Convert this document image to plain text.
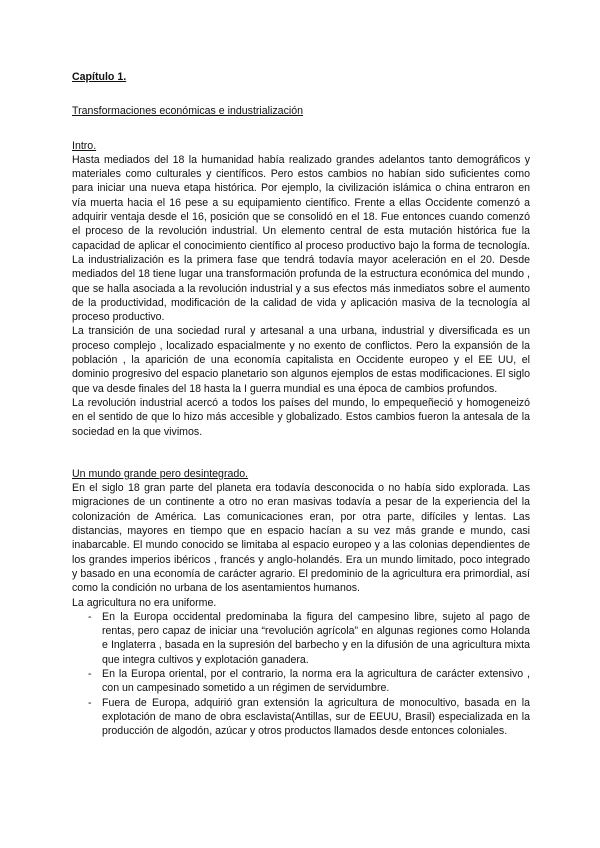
Capítulo 1.
Transformaciones económicas e industrialización
Intro.

Hasta mediados del 18 la humanidad había realizado grandes adelantos tanto demográficos y materiales como culturales y científicos. Pero estos cambios no habían sido suficientes como para iniciar una nueva etapa histórica. Por ejemplo, la civilización islámica o china entraron en vía muerta hacia el 16 pese a su equipamiento científico. Frente a ellas Occidente comenzó a adquirir ventaja desde el 16, posición que se consolidó en el 18. Fue entonces cuando comenzó el proceso de la revolución industrial. Un elemento central de esta mutación histórica fue la capacidad de aplicar el conocimiento científico al proceso productivo bajo la forma de tecnología. La industrialización es la primera fase que tendrá todavía mayor aceleración en el 20. Desde mediados del 18 tiene lugar una transformación profunda de la estructura económica del mundo , que se halla asociada a la revolución industrial y a sus efectos más inmediatos sobre el aumento de la productividad, modificación de la calidad de vida y aplicación masiva de la tecnología al proceso productivo.

La transición de una sociedad rural y artesanal a una urbana, industrial y diversificada es un proceso complejo , localizado espacialmente y no exento de conflictos. Pero la expansión de la población , la aparición de una economía capitalista en Occidente europeo y el EE UU, el dominio progresivo del espacio planetario son algunos ejemplos de estas modificaciones. El siglo que va desde finales del 18 hasta la I guerra mundial es una época de cambios profundos.

La revolución industrial acercó a todos los países del mundo, lo empequeñeció y homogeneizó en el sentido de que lo hizo más accesible y globalizado. Estos cambios fueron la antesala de la sociedad en la que vivimos.

Un mundo grande pero desintegrado.

En el siglo 18 gran parte del planeta era todavía desconocida o no había sido explorada. Las migraciones de un continente a otro no eran masivas todavía a pesar de la experiencia del la colonización de América. Las comunicaciones eran, por otra parte, difíciles y lentas. Las distancias, mayores en tiempo que en espacio hacían a su vez más grande e mundo, casi inabarcable. El mundo conocido se limitaba al espacio europeo y a las colonias dependientes de los grandes imperios ibéricos , francés y anglo-holandés. Era un mundo limitado, poco integrado y basado en una economía de carácter agrario. El predominio de la agricultura era primordial, así como la condición no urbana de los asentamientos humanos.

La agricultura no era uniforme.

- En la Europa occidental predominaba la figura del campesino libre, sujeto al pago de rentas, pero capaz de iniciar una “revolución agrícola” en algunas regiones como Holanda e Inglaterra , basada en la supresión del barbecho y en la difusión de una agricultura mixta que integra cultivos y explotación ganadera.
- En la Europa oriental, por el contrario, la norma era la agricultura de carácter extensivo , con un campesinado sometido a un régimen de servidumbre.
- Fuera de Europa, adquirió gran extensión la agricultura de monocultivo, basada en la explotación de mano de obra esclavista(Antillas, sur de EEUU, Brasil) especializada en la producción de algodón, azúcar y otros productos llamados desde entonces coloniales.
